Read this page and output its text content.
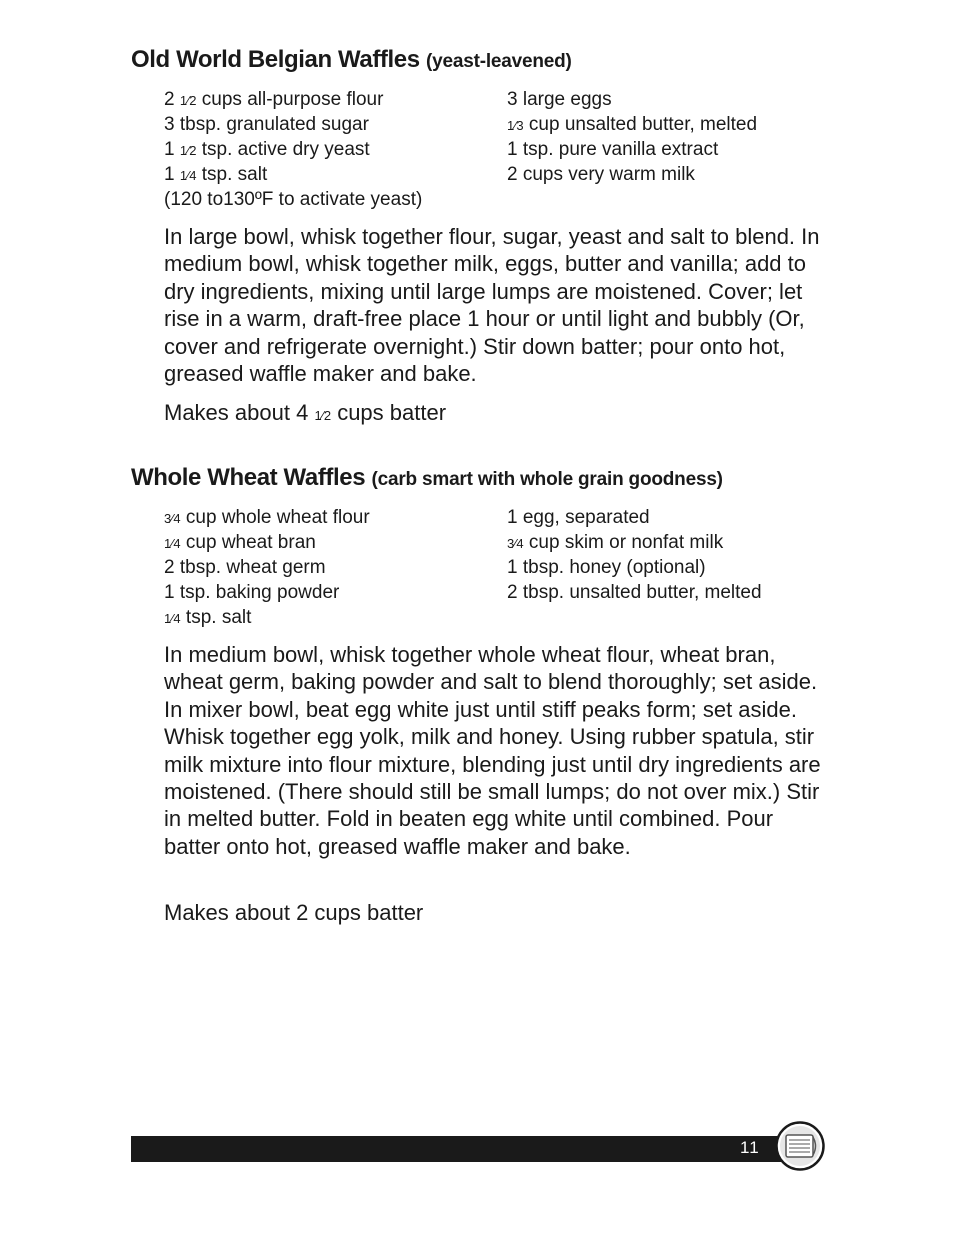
Old World Belgian Waffles (yeast-leavened)
2 1⁄2 cups all-purpose flour
3 tbsp. granulated sugar
1 1⁄2 tsp. active dry yeast
1 1⁄4 tsp. salt
(120 to130ºF to activate yeast)
3 large eggs
1⁄3 cup unsalted butter, melted
1 tsp. pure vanilla extract
2 cups very warm milk

In large bowl, whisk together flour, sugar, yeast and salt to blend. In medium bowl, whisk together milk, eggs, butter and vanilla; add to dry ingredients, mixing until large lumps are moistened. Cover; let rise in a warm, draft-free place 1 hour or until light and bubbly (Or, cover and refrigerate overnight.) Stir down batter; pour onto hot, greased waffle maker and bake.

Makes about 4 1⁄2 cups batter

Whole Wheat Waffles (carb smart with whole grain goodness)
3⁄4 cup whole wheat flour
1⁄4 cup wheat bran
2 tbsp. wheat germ
1 tsp. baking powder
1⁄4 tsp. salt
1 egg, separated
3⁄4 cup skim or nonfat milk
1 tbsp. honey (optional)
2 tbsp. unsalted butter, melted

In medium bowl, whisk together whole wheat flour, wheat bran, wheat germ, baking powder and salt to blend thoroughly; set aside. In mixer bowl, beat egg white just until stiff peaks form; set aside. Whisk together egg yolk, milk and honey. Using rubber spatula, stir milk mixture into flour mixture, blending just until dry ingredients are moistened. (There should still be small lumps; do not over mix.) Stir in melted butter. Fold in beaten egg white until combined. Pour batter onto hot, greased waffle maker and bake.

Makes about 2 cups batter

11
